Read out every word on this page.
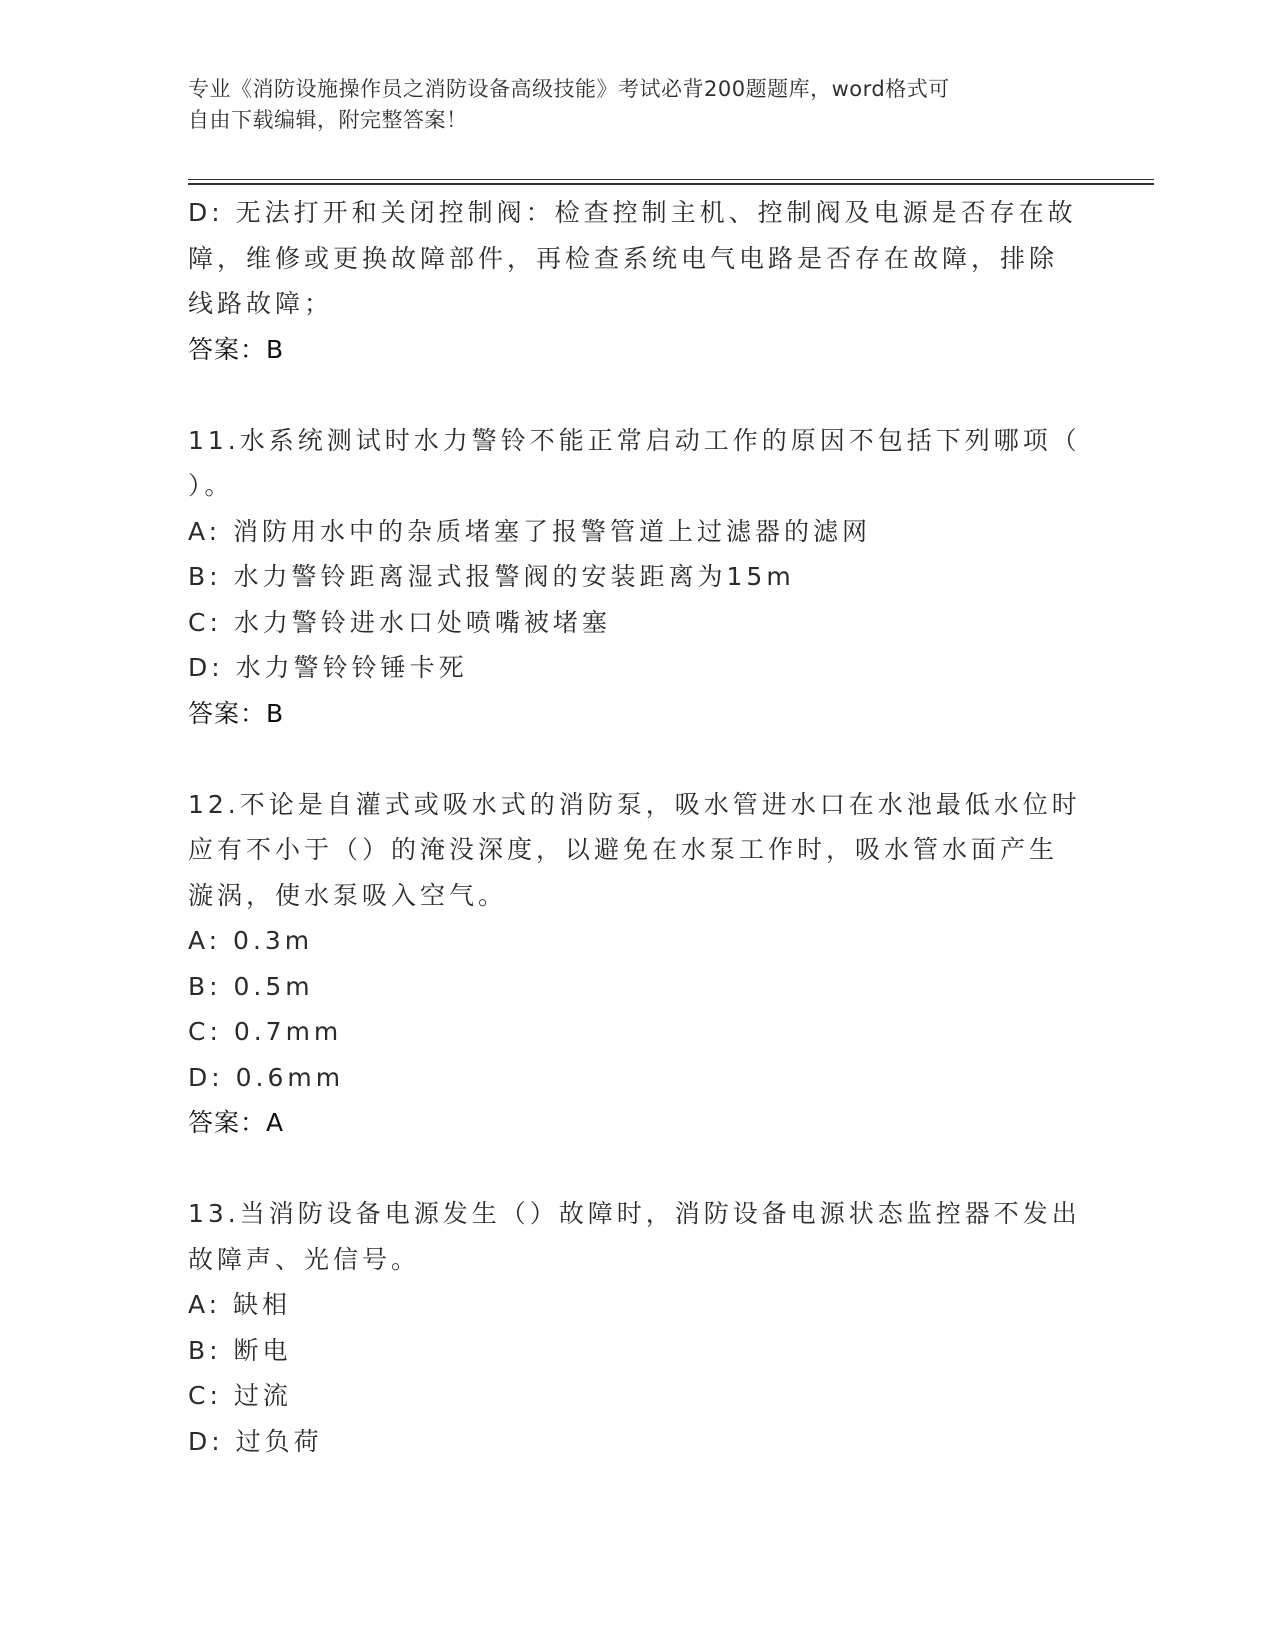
专业《消防设施操作员之消防设备高级技能》考试必背200题题库，word格式可
自由下载编辑，附完整答案！
D: 无法打开和关闭控制阀：检查控制主机、控制阀及电源是否存在故
障，维修或更换故障部件，再检查系统电气电路是否存在故障，排除
线路故障；
答案：B
11.水系统测试时水力警铃不能正常启动工作的原因不包括下列哪项（
）。
A: 消防用水中的杂质堵塞了报警管道上过滤器的滤网
B: 水力警铃距离湿式报警阀的安装距离为15m
C: 水力警铃进水口处喷嘴被堵塞
D: 水力警铃铃锤卡死
答案：B
12.不论是自灌式或吸水式的消防泵，吸水管进水口在水池最低水位时
应有不小于（）的淹没深度，以避免在水泵工作时，吸水管水面产生
漩涡，使水泵吸入空气。
A: 0.3m
B: 0.5m
C: 0.7mm
D: 0.6mm
答案：A
13.当消防设备电源发生（）故障时，消防设备电源状态监控器不发出
故障声、光信号。
A: 缺相
B: 断电
C: 过流
D: 过负荷
